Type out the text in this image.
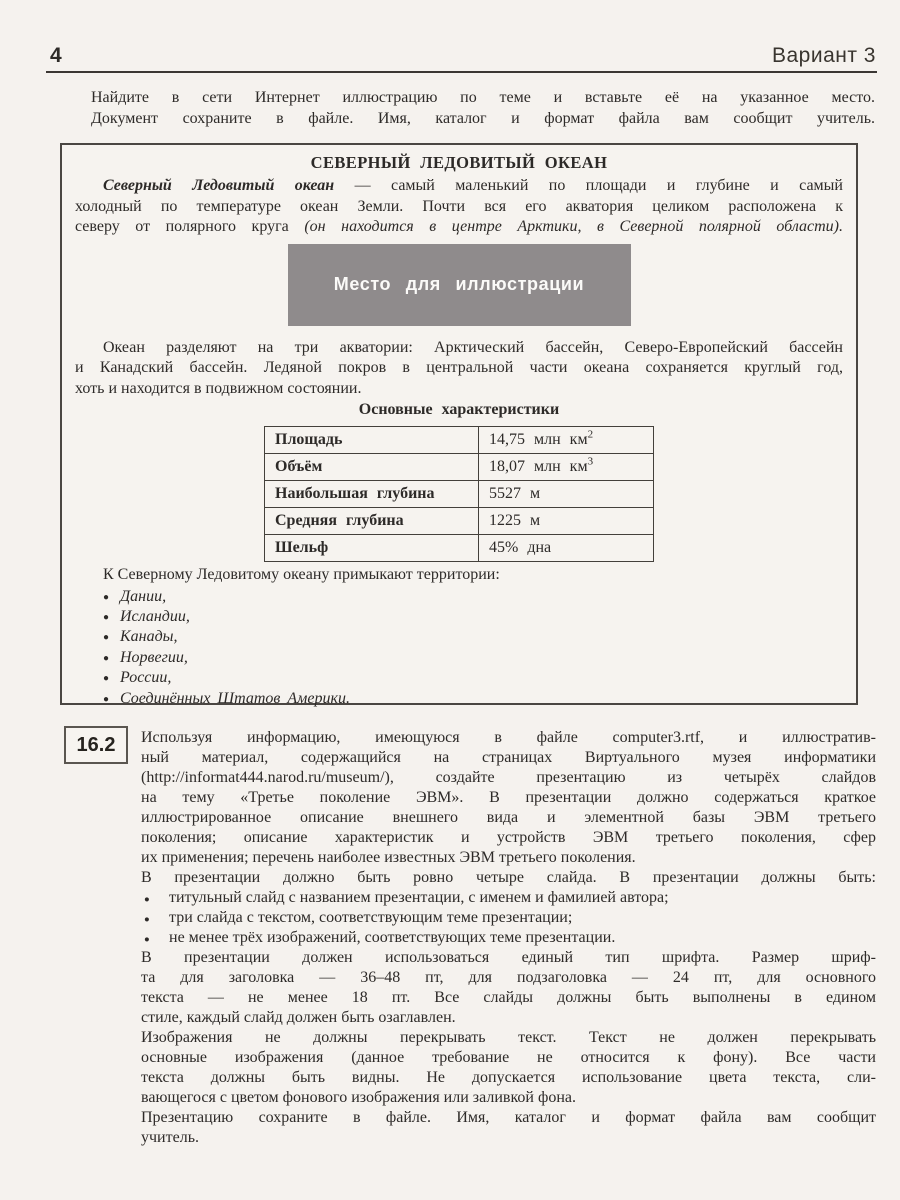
4	Вариант 3
Найдите в сети Интернет иллюстрацию по теме и вставьте её на указанное место.
Документ сохраните в файле. Имя, каталог и формат файла вам сообщит учитель.
СЕВЕРНЫЙ ЛЕДОВИТЫЙ ОКЕАН
Северный Ледовитый океан — самый маленький по площади и глубине и самый
холодный по температуре океан Земли. Почти вся его акватория целиком расположена к
северу от полярного круга (он находится в центре Арктики, в Северной полярной области).
Место для иллюстрации
Океан разделяют на три акватории: Арктический бассейн, Северо-Европейский бассейн
и Канадский бассейн. Ледяной покров в центральной части океана сохраняется круглый год,
хоть и находится в подвижном состоянии.
Основные характеристики
Площадь	14,75 млн $км^2$
Объём	18,07 млн $км^3$
Наибольшая глубина	5527 м
Средняя глубина	1225 м
Шельф	45% дна
К Северному Ледовитому океану примыкают территории:
● Дании,
● Исландии,
● Канады,
● Норвегии,
● России,
● Соединённых Штатов Америки.
16.2 Используя информацию, имеющуюся в файле computer3.rtf, и иллюстратив-
ный материал, содержащийся на страницах Виртуального музея информатики
(http://informat444.narod.ru/museum/), создайте презентацию из четырёх слайдов
на тему «Третье поколение ЭВМ». В презентации должно содержаться краткое
иллюстрированное описание внешнего вида и элементной базы ЭВМ третьего
поколения; описание характеристик и устройств ЭВМ третьего поколения, сфер
их применения; перечень наиболее известных ЭВМ третьего поколения.
В презентации должно быть ровно четыре слайда. В презентации должны быть:
● титульный слайд с названием презентации, с именем и фамилией автора;
● три слайда с текстом, соответствующим теме презентации;
● не менее трёх изображений, соответствующих теме презентации.
В презентации должен использоваться единый тип шрифта. Размер шриф-
та для заголовка — 36–48 пт, для подзаголовка — 24 пт, для основного
текста — не менее 18 пт. Все слайды должны быть выполнены в едином
стиле, каждый слайд должен быть озаглавлен.
Изображения не должны перекрывать текст. Текст не должен перекрывать
основные изображения (данное требование не относится к фону). Все части
текста должны быть видны. Не допускается использование цвета текста, сли-
вающегося с цветом фонового изображения или заливкой фона.
Презентацию сохраните в файле. Имя, каталог и формат файла вам сообщит
учитель.
